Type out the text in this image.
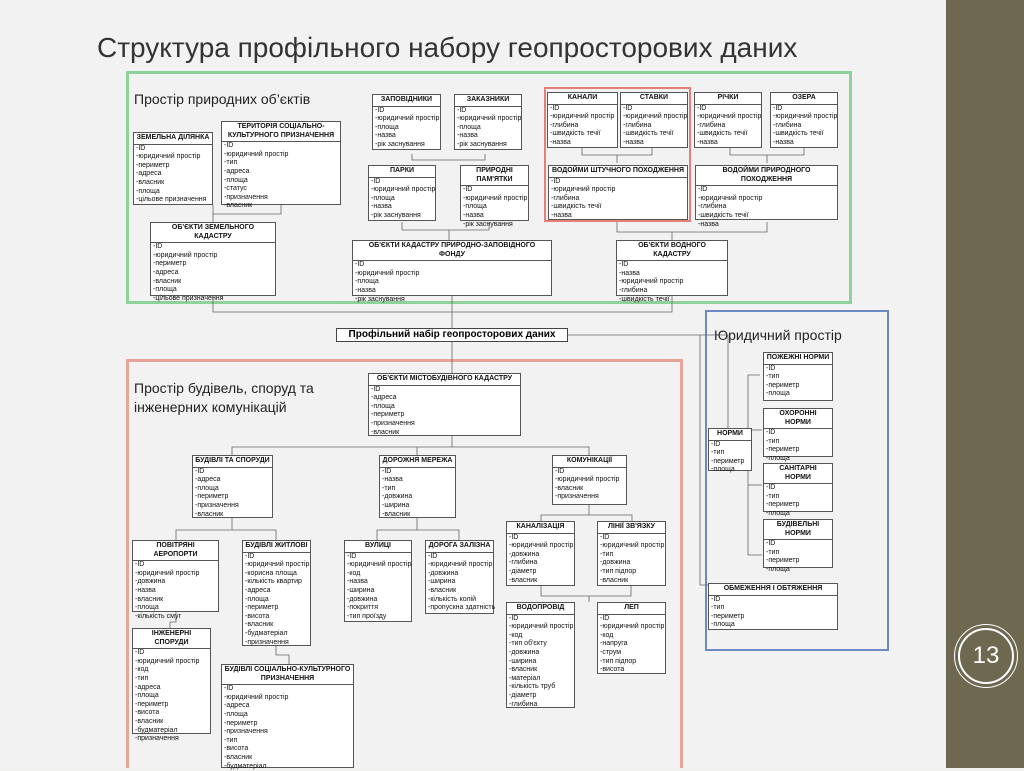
13
Структура профільного набору геопросторових даних
Простір природних об’єктів
Простір будівель, споруд та інженерних комунікацій
Юридичний простір
Профільний набір геопросторових даних
ЗЕМЕЛЬНА ДІЛЯНКА
-ID
-юридичний простір
-периметр
-адреса
-власник
-площа
-цільове призначення
ТЕРИТОРІЯ СОЦІАЛЬНО-КУЛЬТУРНОГО ПРИЗНАЧЕННЯ
-ID
-юридичний простір
-тип
-адреса
-площа
-статус
-призначення
-власник
ЗАПОВІДНИКИ
-ID
-юридичний простір
-площа
-назва
-рік заснування
ЗАКАЗНИКИ
-ID
-юридичний простір
-площа
-назва
-рік заснування
КАНАЛИ
-ID
-юридичний простір
-глибина
-швидкість течії
-назва
СТАВКИ
-ID
-юридичний простір
-глибина
-швидкість течії
-назва
РІЧКИ
-ID
-юридичний простір
-глибина
-швидкість течії
-назва
ОЗЕРА
-ID
-юридичний простір
-глибина
-швидкість течії
-назва
ПАРКИ
-ID
-юридичний простір
-площа
-назва
-рік заснування
ПРИРОДНІ ПАМ'ЯТКИ
-ID
-юридичний простір
-площа
-назва
-рік заснування
ВОДОЙМИ ШТУЧНОГО ПОХОДЖЕННЯ
-ID
-юридичний простір
-глибина
-швидкість течії
-назва
ВОДОЙМИ ПРИРОДНОГО ПОХОДЖЕННЯ
-ID
-юридичний простір
-глибина
-швидкість течії
-назва
ОБ'ЄКТИ ЗЕМЕЛЬНОГО КАДАСТРУ
-ID
-юридичний простір
-периметр
-адреса
-власник
-площа
-цільове призначення
ОБ'ЄКТИ КАДАСТРУ ПРИРОДНО-ЗАПОВІДНОГО ФОНДУ
-ID
-юридичний простір
-площа
-назва
-рік заснування
ОБ'ЄКТИ ВОДНОГО КАДАСТРУ
-ID
-назва
-юридичний простір
-глибина
-швидкість течії
ОБ'ЄКТИ МІСТОБУДІВНОГО КАДАСТРУ
-ID
-адреса
-площа
-периметр
-призначення
-власник
БУДІВЛІ ТА СПОРУДИ
-ID
-адреса
-площа
-периметр
-призначення
-власник
ДОРОЖНЯ МЕРЕЖА
-ID
-назва
-тип
-довжина
-ширина
-власник
КОМУНІКАЦІЇ
-ID
-юридичний простір
-власник
-призначення
ПОВІТРЯНІ АЕРОПОРТИ
-ID
-юридичний простір
-довжина
-назва
-власник
-площа
-кількість смуг
БУДІВЛІ ЖИТЛОВІ
-ID
-юридичний простір
-корисна площа
-кількість квартир
-адреса
-площа
-периметр
-висота
-власник
-будматеріал
-призначення
ВУЛИЦІ
-ID
-юридичний простір
-код
-назва
-ширина
-довжина
-покриття
-тип проїзду
ДОРОГА ЗАЛІЗНА
-ID
-юридичний простір
-довжина
-ширина
-власник
-кількість колій
-пропускна здатність
КАНАЛІЗАЦІЯ
-ID
-юридичний простір
-довжина
-глибина
-діаметр
-власник
ЛІНІЇ ЗВ'ЯЗКУ
-ID
-юридичний простір
-тип
-довжина
-тип підпор
-власник
ІНЖЕНЕРНІ СПОРУДИ
-ID
-юридичний простір
-код
-тип
-адреса
-площа
-периметр
-висота
-власник
-будматеріал
-призначення
ВОДОПРОВІД
-ID
-юридичний простір
-код
-тип об'єкту
-довжина
-ширина
-власник
-матеріал
-кількість труб
-діаметр
-глибина
ЛЕП
-ID
-юридичний простір
-код
-напруга
-струм
-тип підпор
-висота
БУДІВЛІ СОЦІАЛЬНО-КУЛЬТУРНОГО ПРИЗНАЧЕННЯ
-ID
-юридичний простір
-адреса
-площа
-периметр
-призначення
-тип
-висота
-власник
-будматеріал
ПОЖЕЖНІ НОРМИ
-ID
-тип
-периметр
-площа
ОХОРОННІ НОРМИ
-ID
-тип
-периметр
-площа
НОРМИ
-ID
-тип
-периметр
-площа	САНІТАРНІ НОРМИ
-ID
-тип
-периметр
-площа
БУДІВЕЛЬНІ НОРМИ
-ID
-тип
-периметр
-площа
ОБМЕЖЕННЯ І ОБТЯЖЕННЯ
-ID
-тип
-периметр
-площа
